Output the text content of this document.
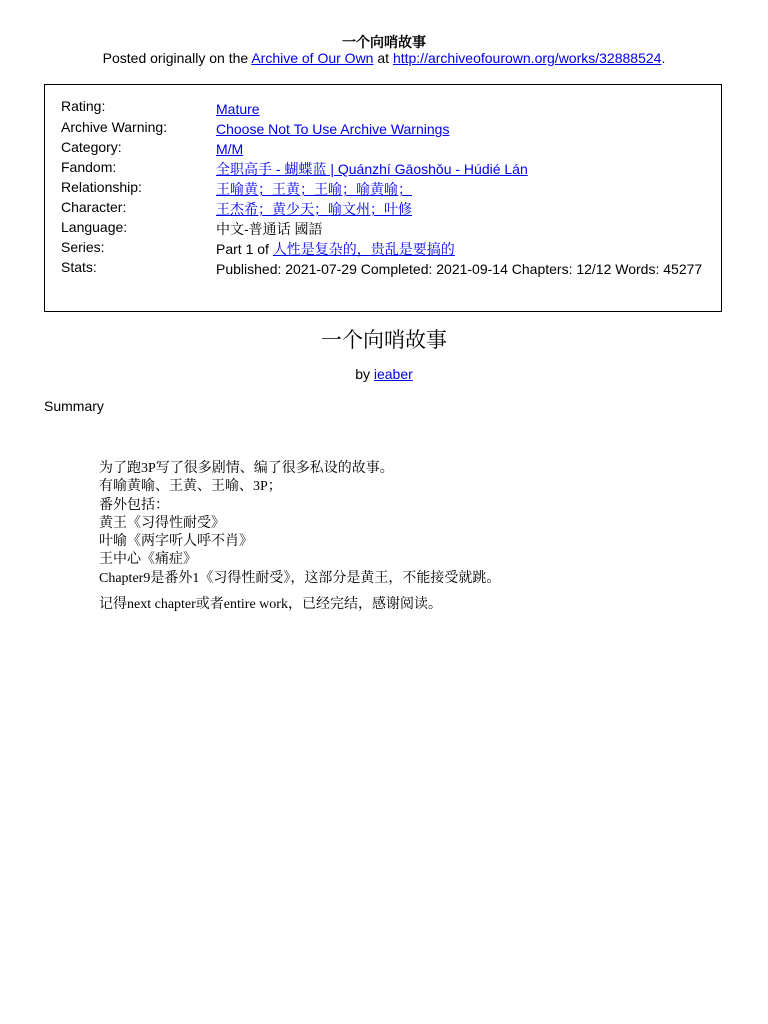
一个向哨故事
Posted originally on the Archive of Our Own at http://archiveofourown.org/works/32888524.
Rating:	Mature
Archive Warning:	Choose Not To Use Archive Warnings
Category:	M/M
Fandom:	全职高手 - 蝴蝶蓝 | Quánzhí Gāoshǒu - Húdié Lán
Relationship:	王喻黄；王黄；王喻；喻黄喻；
Character:	王杰希；黄少天；喻文州；叶修
Language:	中文-普通话 國語
Series:	Part 1 of 人性是复杂的，贵乱是要搞的
Stats:	Published: 2021-07-29 Completed: 2021-09-14 Chapters: 12/12 Words: 45277
一个向哨故事
by ieaber
Summary

为了跑3P写了很多剧情、编了很多私设的故事。

有喻黄喻、王黄、王喻、3P；

番外包括：

黄王《习得性耐受》

叶喻《两字听人呼不肖》

王中心《痛症》

Chapter9是番外1《习得性耐受》，这部分是黄王，不能接受就跳。

记得next chapter或者entire work，已经完结，感谢阅读。
